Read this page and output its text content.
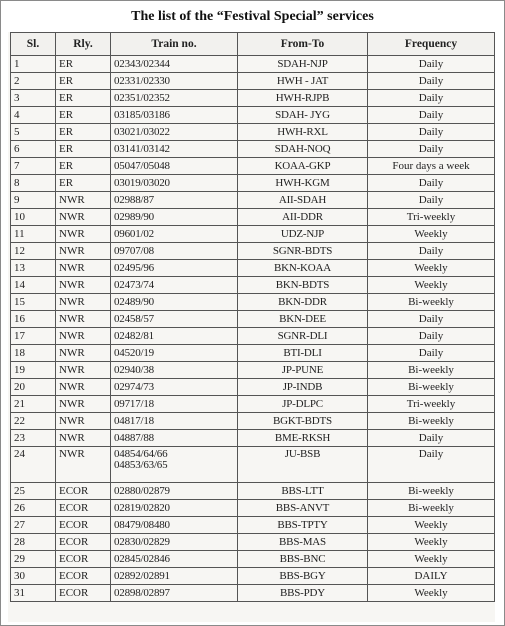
The list of the “Festival Special” services
Sl.	Rly.	Train no.	From-To	Frequency
1	ER	02343/02344	SDAH-NJP	Daily
2	ER	02331/02330	HWH - JAT	Daily
3	ER	02351/02352	HWH-RJPB	Daily
4	ER	03185/03186	SDAH- JYG	Daily
5	ER	03021/03022	HWH-RXL	Daily
6	ER	03141/03142	SDAH-NOQ	Daily
7	ER	05047/05048	KOAA-GKP	Four days a week
8	ER	03019/03020	HWH-KGM	Daily
9	NWR	02988/87	AII-SDAH	Daily
10	NWR	02989/90	AII-DDR	Tri-weekly
11	NWR	09601/02	UDZ-NJP	Weekly
12	NWR	09707/08	SGNR-BDTS	Daily
13	NWR	02495/96	BKN-KOAA	Weekly
14	NWR	02473/74	BKN-BDTS	Weekly
15	NWR	02489/90	BKN-DDR	Bi-weekly
16	NWR	02458/57	BKN-DEE	Daily
17	NWR	02482/81	SGNR-DLI	Daily
18	NWR	04520/19	BTI-DLI	Daily
19	NWR	02940/38	JP-PUNE	Bi-weekly
20	NWR	02974/73	JP-INDB	Bi-weekly
21	NWR	09717/18	JP-DLPC	Tri-weekly
22	NWR	04817/18	BGKT-BDTS	Bi-weekly
23	NWR	04887/88	BME-RKSH	Daily
24	NWR	04854/64/66
04853/63/65	JU-BSB	Daily
25	ECOR	02880/02879	BBS-LTT	Bi-weekly
26	ECOR	02819/02820	BBS-ANVT	Bi-weekly
27	ECOR	08479/08480	BBS-TPTY	Weekly
28	ECOR	02830/02829	BBS-MAS	Weekly
29	ECOR	02845/02846	BBS-BNC	Weekly
30	ECOR	02892/02891	BBS-BGY	DAILY
31	ECOR	02898/02897	BBS-PDY	Weekly
